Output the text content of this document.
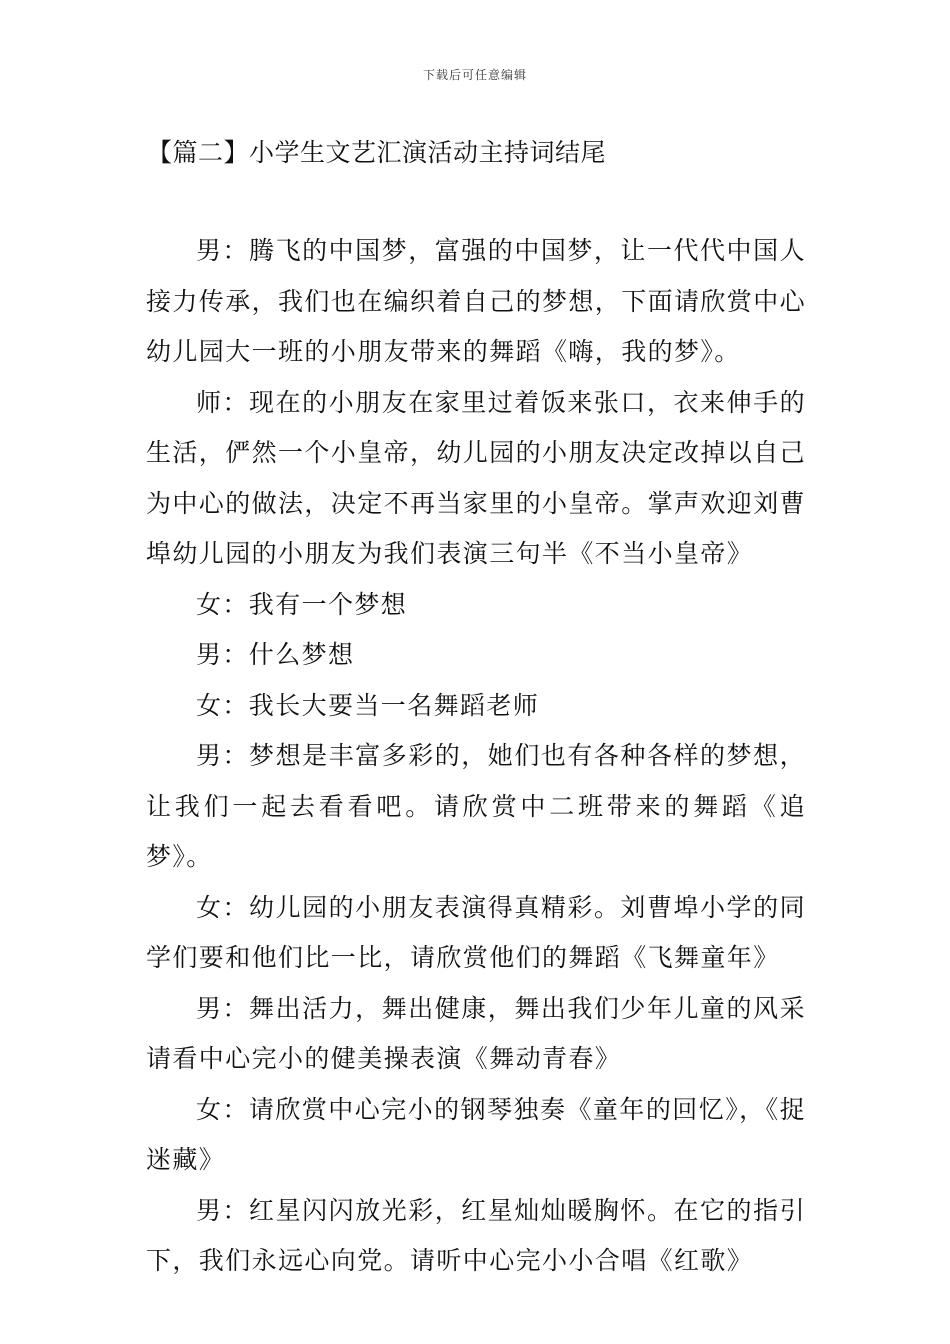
下载后可任意编辑
【篇二】小学生文艺汇演活动主持词结尾

男：腾飞的中国梦，富强的中国梦，让一代代中国人接力传承，我们也在编织着自己的梦想，下面请欣赏中心幼儿园大一班的小朋友带来的舞蹈《嗨，我的梦》。

师：现在的小朋友在家里过着饭来张口，衣来伸手的生活，俨然一个小皇帝，幼儿园的小朋友决定改掉以自己为中心的做法，决定不再当家里的小皇帝。掌声欢迎刘曹埠幼儿园的小朋友为我们表演三句半《不当小皇帝》

女：我有一个梦想

男：什么梦想

女：我长大要当一名舞蹈老师

男：梦想是丰富多彩的，她们也有各种各样的梦想，让我们一起去看看吧。请欣赏中二班带来的舞蹈《追梦》。

女：幼儿园的小朋友表演得真精彩。刘曹埠小学的同学们要和他们比一比，请欣赏他们的舞蹈《飞舞童年》

男：舞出活力，舞出健康，舞出我们少年儿童的风采请看中心完小的健美操表演《舞动青春》

女：请欣赏中心完小的钢琴独奏《童年的回忆》，《捉迷藏》

男：红星闪闪放光彩，红星灿灿暖胸怀。在它的指引下，我们永远心向党。请听中心完小小合唱《红歌》
